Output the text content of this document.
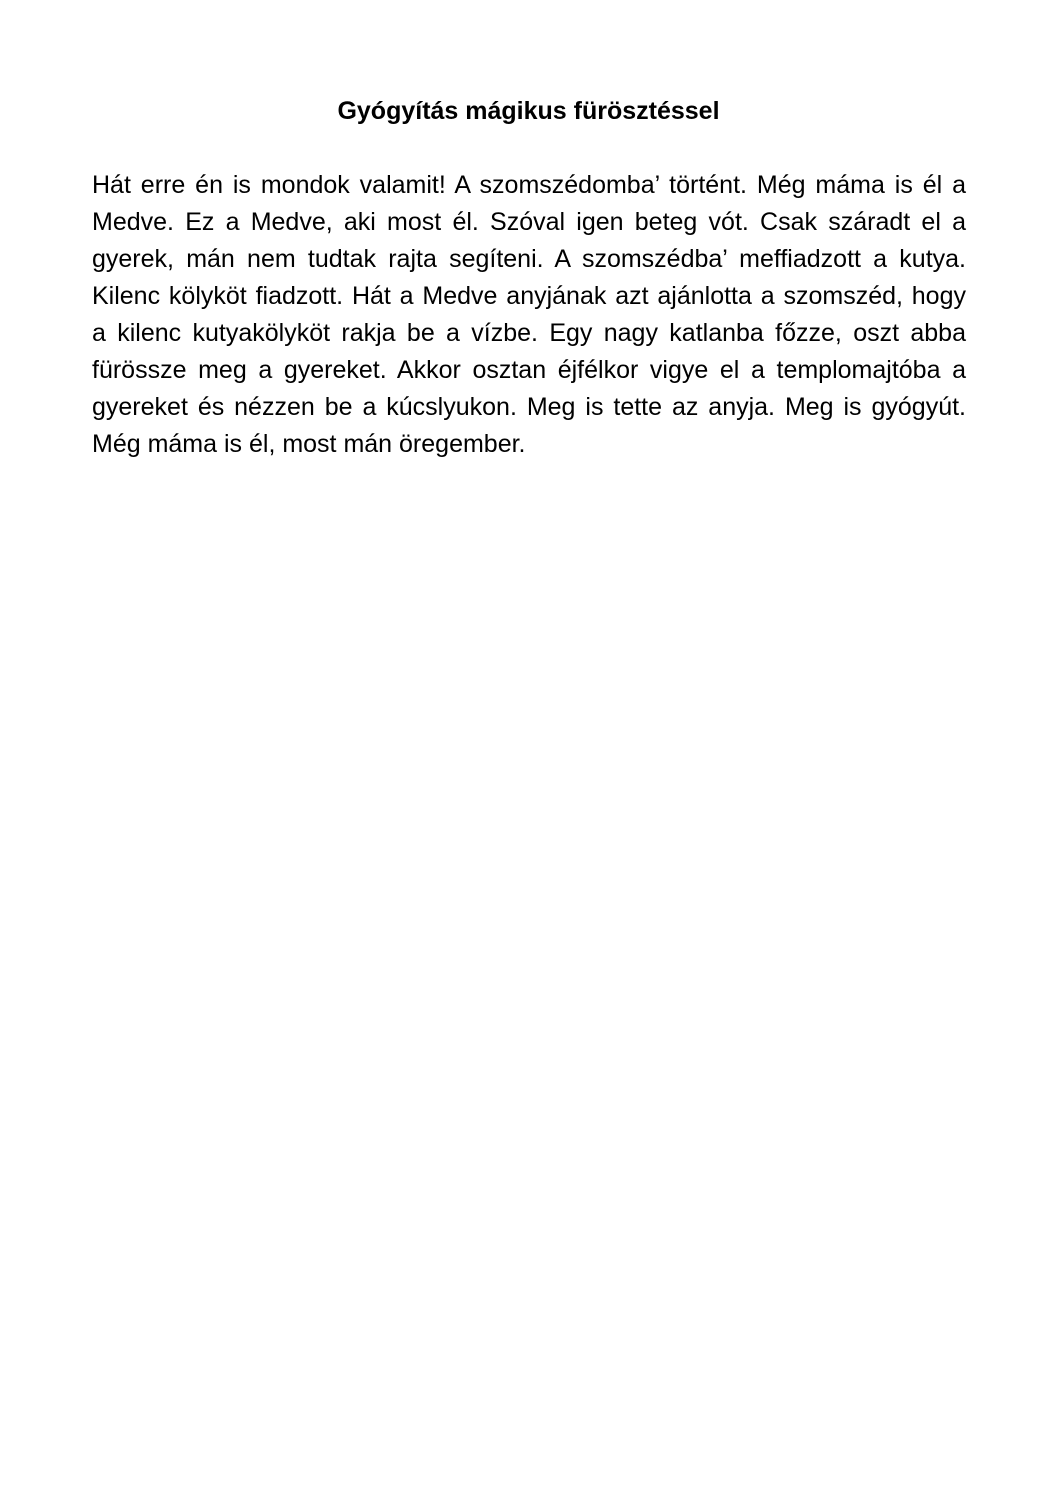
Gyógyítás mágikus fürösztéssel

Hát erre én is mondok valamit! A szomszédomba’ történt. Még máma is él a Medve. Ez a Medve, aki most él. Szóval igen beteg vót. Csak száradt el a gyerek, mán nem tudtak rajta segíteni. A szomszédba’ meffiadzott a kutya. Kilenc kölyköt fiadzott. Hát a Medve anyjának azt ajánlotta a szomszéd, hogy a kilenc kutyakölyköt rakja be a vízbe. Egy nagy katlanba főzze, oszt abba fürössze meg a gyereket. Akkor osztan éjfélkor vigye el a templomajtóba a gyereket és nézzen be a kúcslyukon. Meg is tette az anyja. Meg is gyógyút. Még máma is él, most mán öregember.
